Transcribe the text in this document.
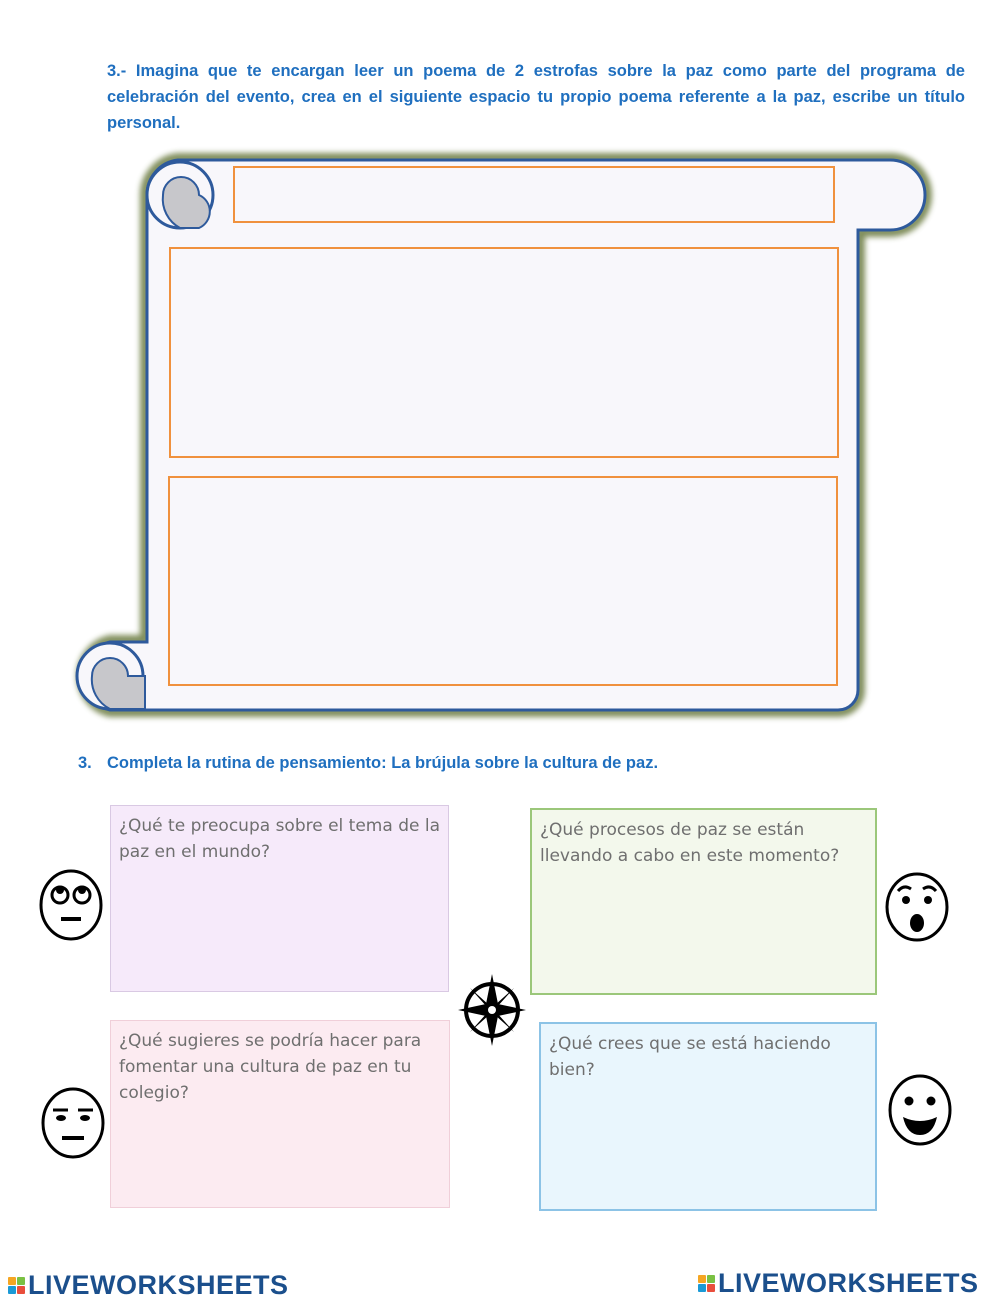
3.- Imagina que te encargan leer un poema de 2 estrofas sobre la paz como parte del programa de celebración del evento, crea en el siguiente espacio tu propio poema referente a la paz, escribe un título personal.
3. Completa la rutina de pensamiento: La brújula sobre la cultura de paz.
¿Qué te preocupa sobre el tema de la paz en el mundo?
¿Qué procesos de paz se están llevando a cabo en este momento?
¿Qué sugieres se podría hacer para fomentar una cultura de paz en tu colegio?
¿Qué crees que se está haciendo bien?
LIVEWORKSHEETS	LIVEWORKSHEETS
